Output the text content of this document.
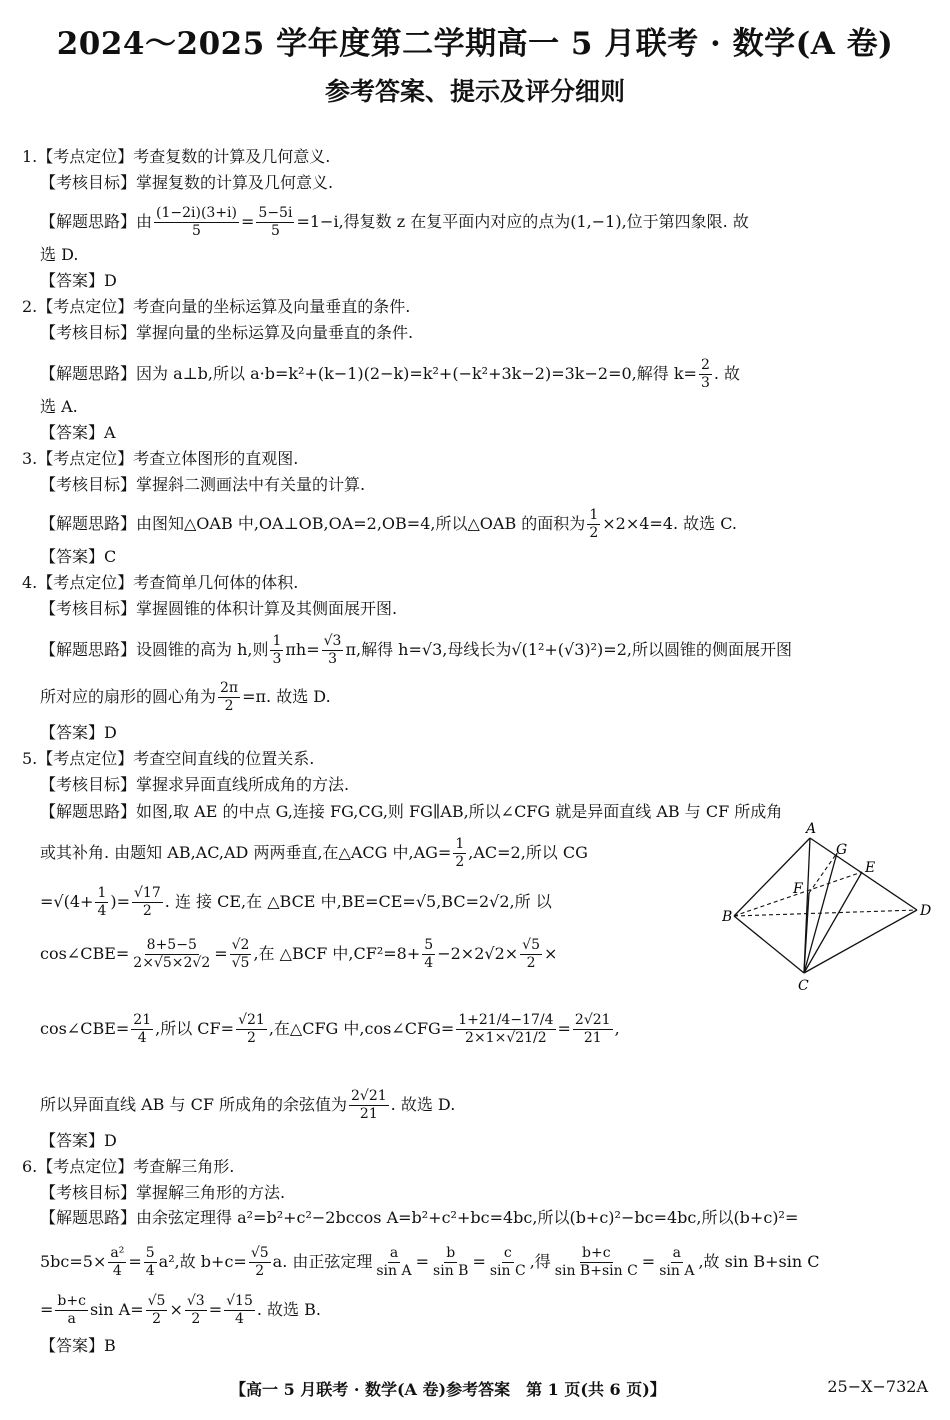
2024～2025 学年度第二学期高一 5 月联考 · 数学(A 卷)
参考答案、提示及评分细则
1.【考点定位】考查复数的计算及几何意义.
【考核目标】掌握复数的计算及几何意义.
【解题思路】由 $\frac{(1-2i)(3+i)}{5} = \frac{5-5i}{5} =1-i$,得复数 z 在复平面内对应的点为(1,−1),位于第四象限. 故
选 D.
【答案】D
2.【考点定位】考查向量的坐标运算及向量垂直的条件.
【考核目标】掌握向量的坐标运算及向量垂直的条件.
【解题思路】因为 a⊥b,所以 a·b=k²+(k−1)(2−k)=k²+(−k²+3k−2)=3k−2=0,解得 $k= \frac{2}{3}$ . 故
选 A.
【答案】A
3.【考点定位】考查立体图形的直观图.
【考核目标】掌握斜二测画法中有关量的计算.
【解题思路】由图知△OAB 中,OA⊥OB,OA=2,OB=4,所以△OAB 的面积为 $\frac{1}{2} \times 2\times 4=4$. 故选 C.
【答案】C
4.【考点定位】考查简单几何体的体积.
【考核目标】掌握圆锥的体积计算及其侧面展开图.
【解题思路】设圆锥的高为 h,则 $\frac{1}{3} \pi h= \frac{√3}{3} \pi$,解得 h=√3,母线长为√(1²+(√3)²)=2,所以圆锥的侧面展开图
所对应的扇形的圆心角为 $\frac{2\pi}{2} =\pi$. 故选 D.
【答案】D
5.【考点定位】考查空间直线的位置关系.
【考核目标】掌握求异面直线所成角的方法.
【解题思路】如图,取 AE 的中点 G,连接 FG,CG,则 FG∥AB,所以∠CFG 就是异面直线 AB 与 CF 所成角
或其补角. 由题知 AB,AC,AD 两两垂直,在△ACG 中$,AG= \frac{1}{2} ,AC=2$,所以 CG
$=√(4+ \frac{1}{4}$ )= $\frac{√17}{2}$ . 连 接 CE,在 △BCE 中,BE=CE=√5,BC=2√2,所 以
cos∠CBE= $\frac{8+5-5}{2\times√5\times 2√2} = \frac{√2}{√5}$ ,在 △BCF 中$,CF^2=8+ \frac{5}{4} -2\times 2√2\times \frac{√5}{2}$ ×
cos∠CBE= $\frac{21}{4}$ ,所以 $CF= \frac{√21}{2}$ ,在△CFG 中,cos∠CFG= $\frac{1+21/4-17/4}{2\times 1\times√21/2} = \frac{2√21}{21}$ ,
所以异面直线 AB 与 CF 所成角的余弦值为 $\frac{2√21}{21}$ . 故选 D.
【答案】D
A
B
C
D
E
F
G
6.【考点定位】考查解三角形.
【考核目标】掌握解三角形的方法.
【解题思路】由余弦定理得 a²=b²+c²−2bccos A=b²+c²+bc=4bc,所以(b+c)²−bc=4bc,所以(b+c)²=
$5bc=5\times \frac{\text{a²}}{4} = \frac{5}{4} a^2$,故 $b+c= \frac{√5}{2} a$. 由正弦定理 $\frac{a}{\text{sin A}} = \frac{b}{\text{sin B}} = \frac{c}{\text{sin C}}$ ,得 $\frac{b+c}{\text{sin B+sin C}} = \frac{a}{\text{sin A}}$ ,故 sin B+sin C
= $\frac{b+c}{a}$ $\sin A= \frac{√5}{2} \times \frac{√3}{2} = \frac{√15}{4}$ . 故选 B.
【答案】B
【高一 5 月联考 · 数学(A 卷)参考答案　第 1 页(共 6 页)】	25−X−732A
